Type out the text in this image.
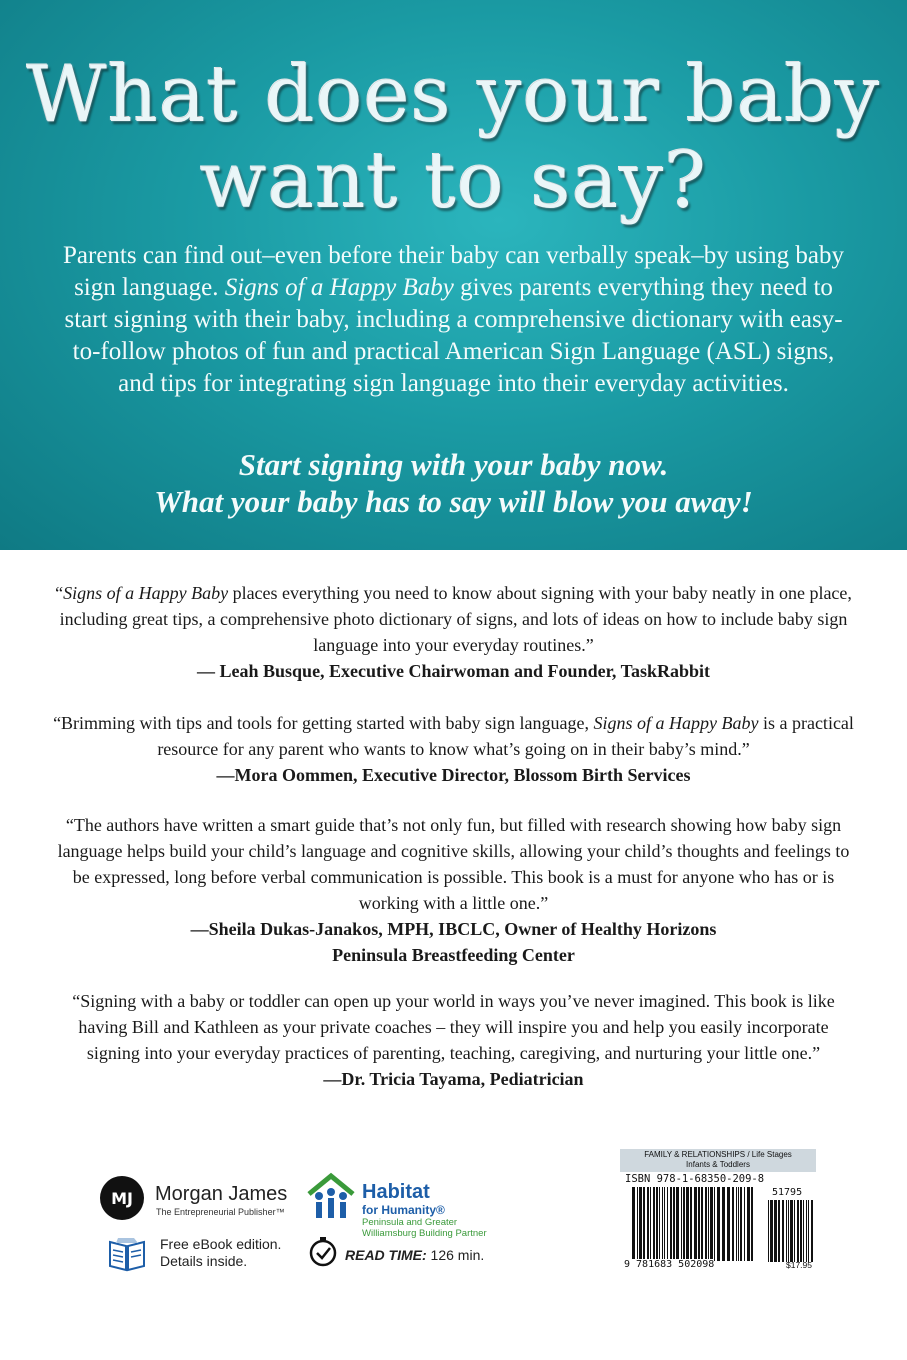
What does your baby
want to say?
Parents can find out–even before their baby can verbally speak–by using baby sign language. Signs of a Happy Baby gives parents everything they need to start signing with their baby, including a comprehensive dictionary with easy-to-follow photos of fun and practical American Sign Language (ASL) signs, and tips for integrating sign language into their everyday activities.
Start signing with your baby now.
What your baby has to say will blow you away!
“Signs of a Happy Baby places everything you need to know about signing with your baby neatly in one place, including great tips, a comprehensive photo dictionary of signs, and lots of ideas on how to include baby sign language into your everyday routines.”
— Leah Busque, Executive Chairwoman and Founder, TaskRabbit
“Brimming with tips and tools for getting started with baby sign language, Signs of a Happy Baby is a practical resource for any parent who wants to know what’s going on in their baby’s mind.”
—Mora Oommen, Executive Director, Blossom Birth Services
“The authors have written a smart guide that’s not only fun, but filled with research showing how baby sign language helps build your child’s language and cognitive skills, allowing your child’s thoughts and feelings to be expressed, long before verbal communication is possible. This book is a must for anyone who has or is working with a little one.”
—Sheila Dukas-Janakos, MPH, IBCLC, Owner of Healthy Horizons
Peninsula Breastfeeding Center
“Signing with a baby or toddler can open up your world in ways you’ve never imagined. This book is like having Bill and Kathleen as your private coaches – they will inspire you and help you easily incorporate signing into your everyday practices of parenting, teaching, caregiving, and nurturing your little one.”
—Dr. Tricia Tayama, Pediatrician
MJ	Morgan James
The Entrepreneurial Publisher™
Free eBook edition.
Details inside.
Habitat
for Humanity®
Peninsula and Greater
Williamsburg Building Partner
READ TIME: 126 min.
FAMILY & RELATIONSHIPS / Life Stages
Infants & Toddlers
ISBN 978-1-68350-209-8
51795
9 781683 502098	$17.95
